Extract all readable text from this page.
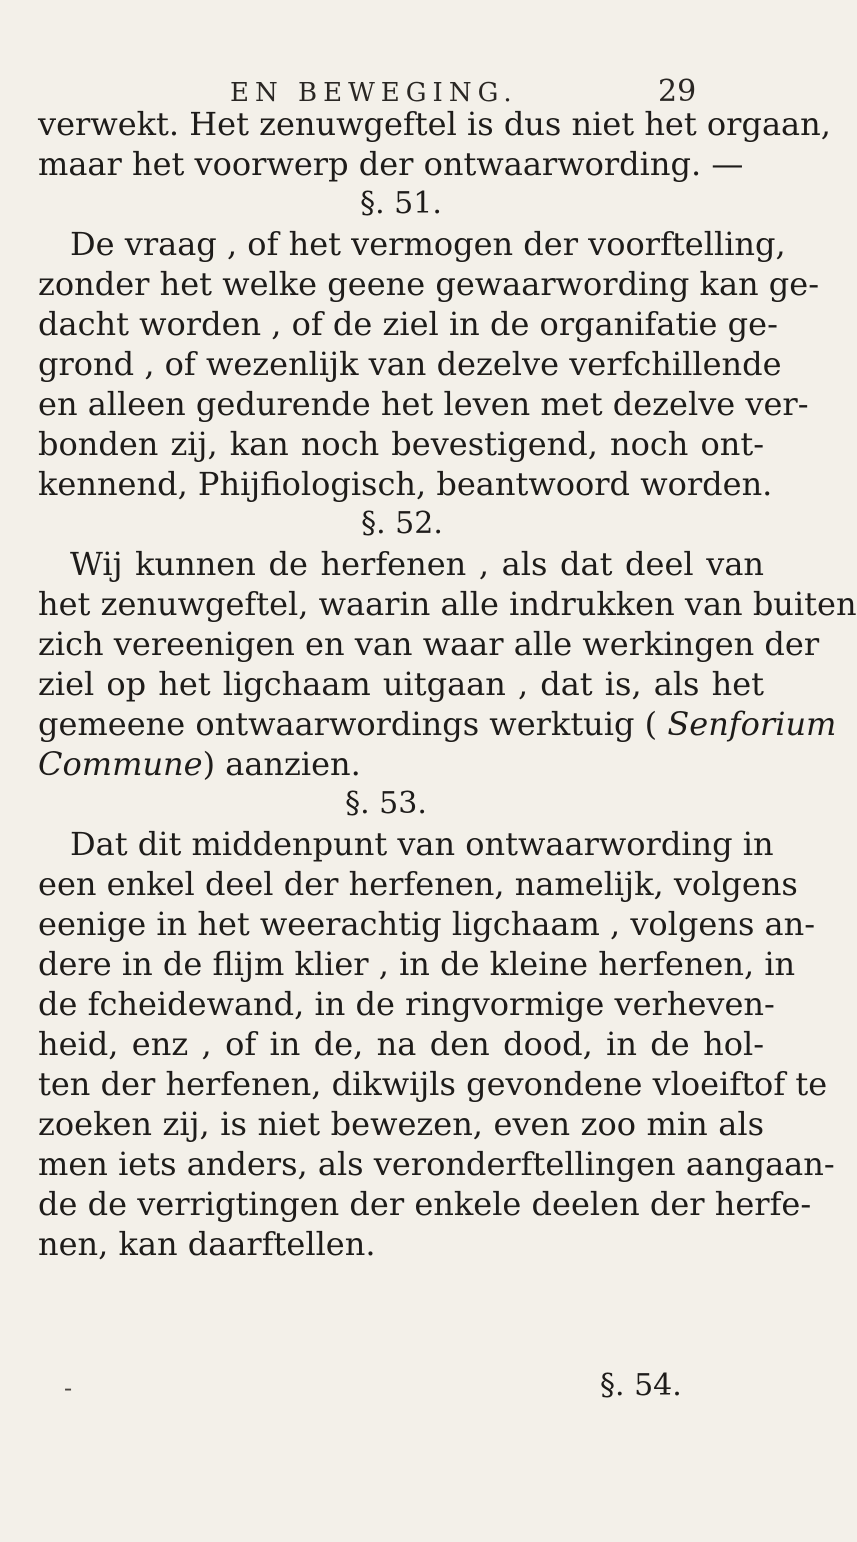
EN BEWEGING.	29
verwekt. Het zenuwgeftel is dus niet het orgaan,
maar het voorwerp der ontwaarwording. —
§. 51.
De vraag , of het vermogen der voorftelling,
zonder het welke geene gewaarwording kan ge-
dacht worden , of de ziel in de organifatie ge-
grond , of wezenlijk van dezelve verfchillende
en alleen gedurende het leven met dezelve ver-
bonden zij, kan noch bevestigend, noch ont-
kennend, Phijfiologisch, beantwoord worden.
§. 52.
Wij kunnen de herfenen , als dat deel van
het zenuwgeftel, waarin alle indrukken van buiten
zich vereenigen en van waar alle werkingen der
ziel op het ligchaam uitgaan , dat is, als het
gemeene ontwaarwordings werktuig ( Senforium
Commune) aanzien.
§. 53.
Dat dit middenpunt van ontwaarwording in
een enkel deel der herfenen, namelijk, volgens
eenige in het weerachtig ligchaam , volgens an-
dere in de flijm klier , in de kleine herfenen, in
de fcheidewand, in de ringvormige verheven-
heid, enz , of in de, na den dood, in de hol-
ten der herfenen, dikwijls gevondene vloeiftof te
zoeken zij, is niet bewezen, even zoo min als
men iets anders, als veronderftellingen aangaan-
de de verrigtingen der enkele deelen der herfe-
nen, kan daarftellen.
-	§. 54.
